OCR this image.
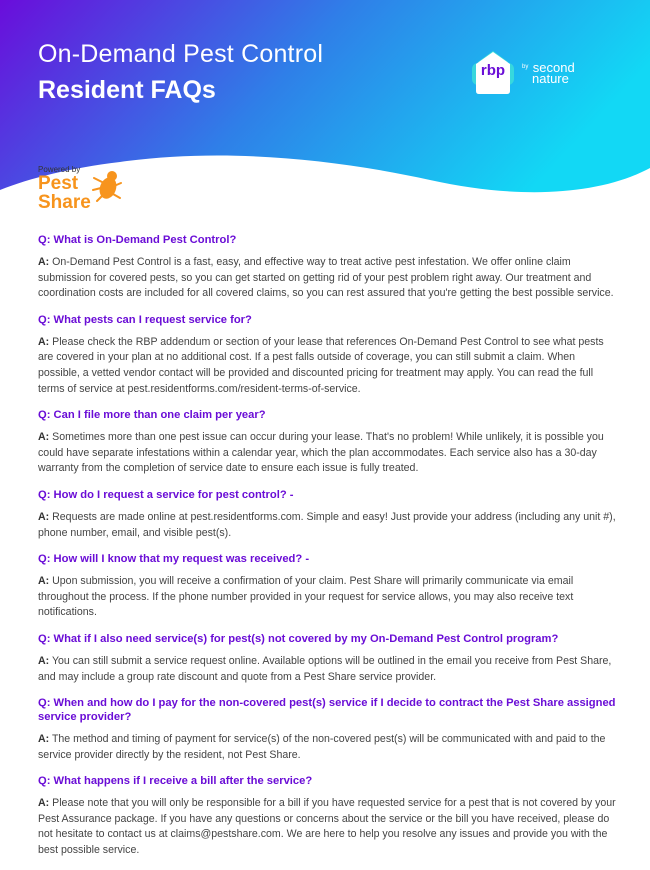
On-Demand Pest Control
Resident FAQs
rbp	$^{by}$ second
nature
Powered by
Pest
Share

Q: What is On-Demand Pest Control?

A: On-Demand Pest Control is a fast, easy, and effective way to treat active pest infestation. We offer online claim submission for covered pests, so you can get started on getting rid of your pest problem right away. Our treatment and coordination costs are included for all covered claims, so you can rest assured that you're getting the best possible service.

Q: What pests can I request service for?

A: Please check the RBP addendum or section of your lease that references On-Demand Pest Control to see what pests are covered in your plan at no additional cost. If a pest falls outside of coverage, you can still submit a claim. When possible, a vetted vendor contact will be provided and discounted pricing for treatment may apply. You can read the full terms of service at pest.residentforms.com/resident-terms-of-service.

Q: Can I file more than one claim per year?

A: Sometimes more than one pest issue can occur during your lease. That's no problem! While unlikely, it is possible you could have separate infestations within a calendar year, which the plan accommodates. Each service also has a 30-day warranty from the completion of service date to ensure each issue is fully treated.

Q: How do I request a service for pest control? -

A: Requests are made online at pest.residentforms.com. Simple and easy! Just provide your address (including any unit #), phone number, email, and visible pest(s).

Q: How will I know that my request was received? -

A: Upon submission, you will receive a confirmation of your claim. Pest Share will primarily communicate via email throughout the process. If the phone number provided in your request for service allows, you may also receive text notifications.

Q: What if I also need service(s) for pest(s) not covered by my On-Demand Pest Control program?

A: You can still submit a service request online. Available options will be outlined in the email you receive from Pest Share, and may include a group rate discount and quote from a Pest Share service provider.

Q: When and how do I pay for the non-covered pest(s) service if I decide to contract the Pest Share assigned service provider?

A: The method and timing of payment for service(s) of the non-covered pest(s) will be communicated with and paid to the service provider directly by the resident, not Pest Share.

Q: What happens if I receive a bill after the service?

A: Please note that you will only be responsible for a bill if you have requested service for a pest that is not covered by your Pest Assurance package. If you have any questions or concerns about the service or the bill you have received, please do not hesitate to contact us at claims@pestshare.com. We are here to help you resolve any issues and provide you with the best possible service.
